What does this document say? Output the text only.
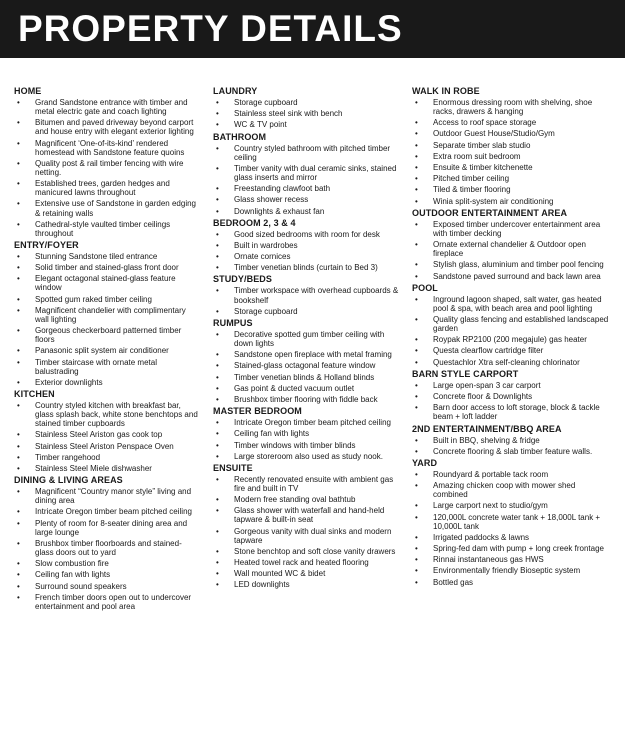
PROPERTY DETAILS
HOME
• Grand Sandstone entrance with timber and metal electric gate and coach lighting
• Bitumen and paved driveway beyond carport and house entry with elegant exterior lighting
• Magnificent ‘One-of-its-kind’ rendered homestead with Sandstone feature quoins
• Quality post & rail timber fencing with wire netting.
• Established trees, garden hedges and manicured lawns throughout
• Extensive use of Sandstone in garden edging & retaining walls
• Cathedral-style vaulted timber ceilings throughout
ENTRY/FOYER
• Stunning Sandstone tiled entrance
• Solid timber and stained-glass front door
• Elegant octagonal stained-glass feature window
• Spotted gum raked timber ceiling
• Magnificent chandelier with complimentary wall lighting
• Gorgeous checkerboard patterned timber floors
• Panasonic split system air conditioner
• Timber staircase with ornate metal balustrading
• Exterior downlights
KITCHEN
• Country styled kitchen with breakfast bar, glass splash back, white stone benchtops and stained timber cupboards
• Stainless Steel Ariston gas cook top
• Stainless Steel Ariston Penspace Oven
• Timber rangehood
• Stainless Steel Miele dishwasher
DINING & LIVING AREAS
• Magnificent “Country manor style” living and dining area
• Intricate Oregon timber beam pitched ceiling
• Plenty of room for 8-seater dining area and large lounge
• Brushbox timber floorboards and stained-glass doors out to yard
• Slow combustion fire
• Ceiling fan with lights
• Surround sound speakers
• French timber doors open out to undercover entertainment and pool area
LAUNDRY
• Storage cupboard
• Stainless steel sink with bench
• WC & TV point
BATHROOM
• Country styled bathroom with pitched timber ceiling
• Timber vanity with dual ceramic sinks, stained glass inserts and mirror
• Freestanding clawfoot bath
• Glass shower recess
• Downlights & exhaust fan
BEDROOM 2, 3 & 4
• Good sized bedrooms with room for desk
• Built in wardrobes
• Ornate cornices
• Timber venetian blinds (curtain to Bed 3)
STUDY/BEDS
• Timber workspace with overhead cupboards & bookshelf
• Storage cupboard
RUMPUS
• Decorative spotted gum timber ceiling with down lights
• Sandstone open fireplace with metal framing
• Stained-glass octagonal feature window
• Timber venetian blinds & Holland blinds
• Gas point & ducted vacuum outlet
• Brushbox timber flooring with fiddle back
MASTER BEDROOM
• Intricate Oregon timber beam pitched ceiling
• Ceiling fan with lights
• Timber windows with timber blinds
• Large storeroom also used as study nook.
ENSUITE
• Recently renovated ensuite with ambient gas fire and built in TV
• Modern free standing oval bathtub
• Glass shower with waterfall and hand-held tapware & built-in seat
• Gorgeous vanity with dual sinks and modern tapware
• Stone benchtop and soft close vanity drawers
• Heated towel rack and heated flooring
• Wall mounted WC & bidet
• LED downlights
WALK IN ROBE
• Enormous dressing room with shelving, shoe racks, drawers & hanging
• Access to roof space storage
• Outdoor Guest House/Studio/Gym
• Separate timber slab studio
• Extra room suit bedroom
• Ensuite & timber kitchenette
• Pitched timber ceiling
• Tiled & timber flooring
• Winia split-system air conditioning
OUTDOOR ENTERTAINMENT AREA
• Exposed timber undercover entertainment area with timber decking
• Ornate external chandelier & Outdoor open fireplace
• Stylish glass, aluminium and timber pool fencing
• Sandstone paved surround and back lawn area
POOL
• Inground lagoon shaped, salt water, gas heated pool & spa, with beach area and pool lighting
• Quality glass fencing and established landscaped garden
• Roypak RP2100 (200 megajule) gas heater
• Questa clearflow cartridge filter
• Questachlor Xtra self-cleaning chlorinator
BARN STYLE CARPORT
• Large open-span 3 car carport
• Concrete floor & Downlights
• Barn door access to loft storage, block & tackle beam + loft ladder
2ND ENTERTAINMENT/BBQ AREA
• Built in BBQ, shelving & fridge
• Concrete flooring & slab timber feature walls.
YARD
• Roundyard & portable tack room
• Amazing chicken coop with mower shed combined
• Large carport next to studio/gym
• 120,000L concrete water tank + 18,000L tank + 10,000L tank
• Irrigated paddocks & lawns
• Spring-fed dam with pump + long creek frontage
• Rinnai instantaneous gas HWS
• Environmentally friendly Bioseptic system
• Bottled gas
